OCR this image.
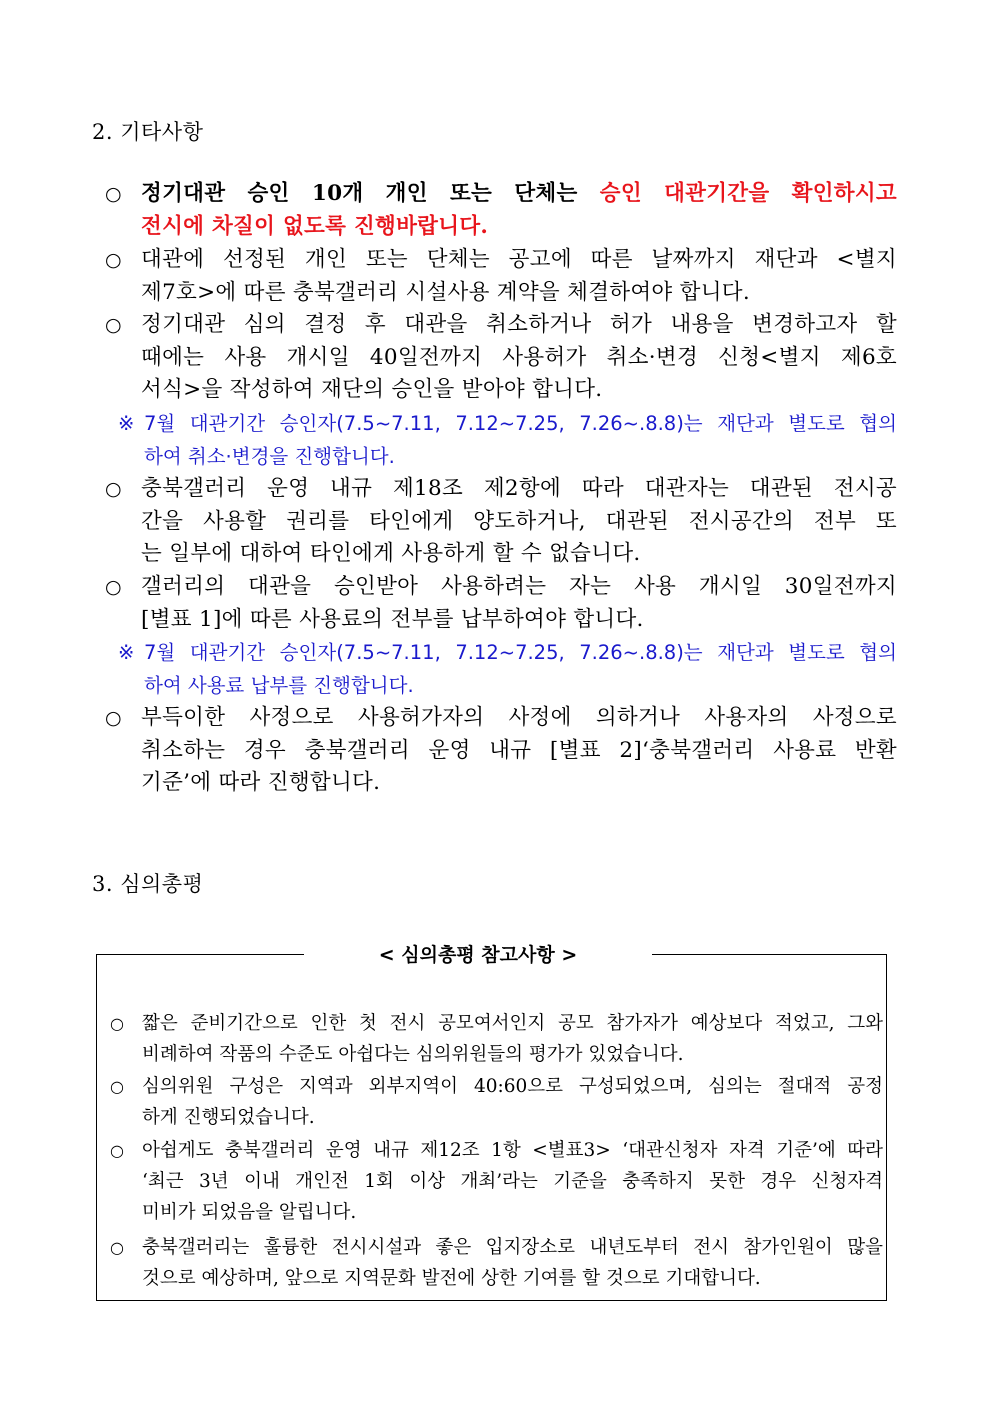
2. 기타사항
○ 정기대관 승인 10개 개인 또는 단체는 승인 대관기간을 확인하시고
전시에 차질이 없도록 진행바랍니다.
○ 대관에 선정된 개인 또는 단체는 공고에 따른 날짜까지 재단과 <별지
제7호>에 따른 충북갤러리 시설사용 계약을 체결하여야 합니다.
○ 정기대관 심의 결정 후 대관을 취소하거나 허가 내용을 변경하고자 할
때에는 사용 개시일 40일전까지 사용허가 취소·변경 신청<별지 제6호
서식>을 작성하여 재단의 승인을 받아야 합니다.
※ 7월 대관기간 승인자(7.5~7.11, 7.12~7.25, 7.26~.8.8)는 재단과 별도로 협의
하여 취소·변경을 진행합니다.
○ 충북갤러리 운영 내규 제18조 제2항에 따라 대관자는 대관된 전시공
간을 사용할 권리를 타인에게 양도하거나, 대관된 전시공간의 전부 또
는 일부에 대하여 타인에게 사용하게 할 수 없습니다.
○ 갤러리의 대관을 승인받아 사용하려는 자는 사용 개시일 30일전까지
[별표 1]에 따른 사용료의 전부를 납부하여야 합니다.
※ 7월 대관기간 승인자(7.5~7.11, 7.12~7.25, 7.26~.8.8)는 재단과 별도로 협의
하여 사용료 납부를 진행합니다.
○ 부득이한 사정으로 사용허가자의 사정에 의하거나 사용자의 사정으로
취소하는 경우 충북갤러리 운영 내규 [별표 2]‘충북갤러리 사용료 반환
기준’에 따라 진행합니다.
3. 심의총평
< 심의총평 참고사항 >
○ 짧은 준비기간으로 인한 첫 전시 공모여서인지 공모 참가자가 예상보다 적었고, 그와
비례하여 작품의 수준도 아쉽다는 심의위원들의 평가가 있었습니다.
○ 심의위원 구성은 지역과 외부지역이 40:60으로 구성되었으며, 심의는 절대적 공정
하게 진행되었습니다.
○ 아쉽게도 충북갤러리 운영 내규 제12조 1항 <별표3> ‘대관신청자 자격 기준’에 따라
‘최근 3년 이내 개인전 1회 이상 개최’라는 기준을 충족하지 못한 경우 신청자격
미비가 되었음을 알립니다.
○ 충북갤러리는 훌륭한 전시시설과 좋은 입지장소로 내년도부터 전시 참가인원이 많을
것으로 예상하며, 앞으로 지역문화 발전에 상한 기여를 할 것으로 기대합니다.
